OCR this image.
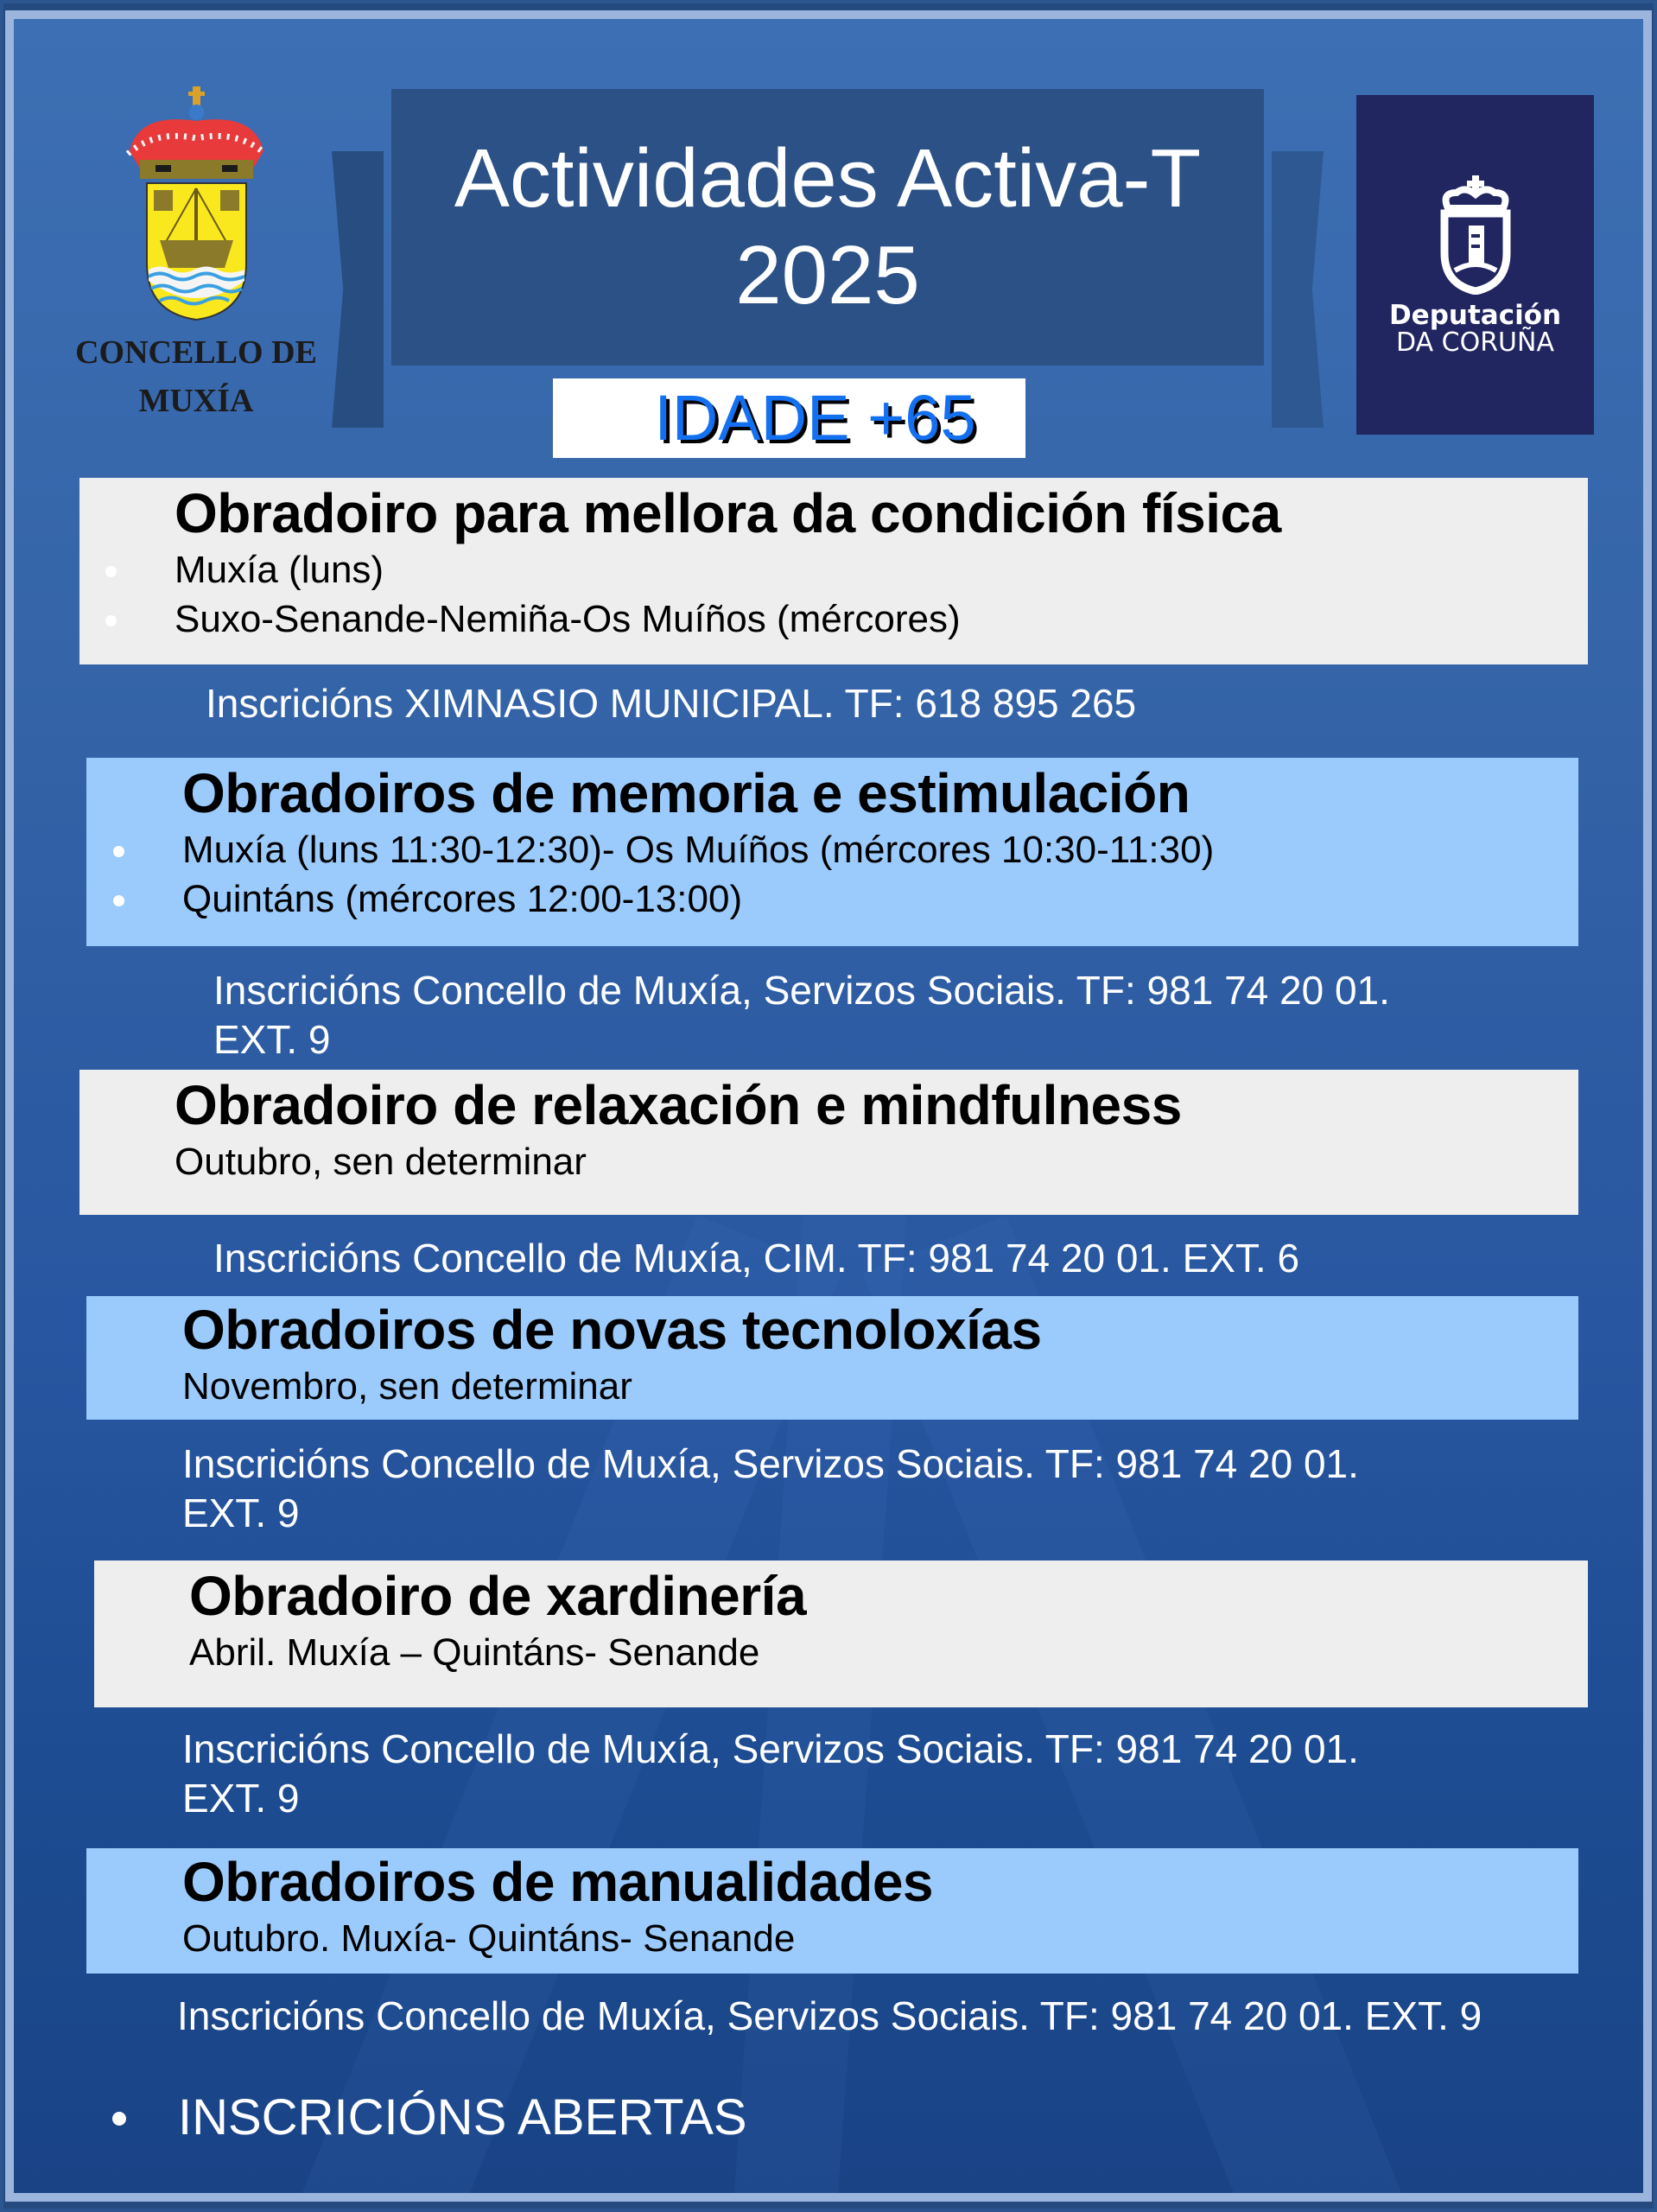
CONCELLO DE
MUXÍA
Actividades Activa-T
2025
IDADE +65
Deputación
DA CORUÑA
Obradoiro para mellora da condición física
Muxía (luns)
Suxo-Senande-Nemiña-Os Muíños (mércores)
Inscricións XIMNASIO MUNICIPAL. TF: 618 895 265
Obradoiros de memoria e estimulación
Muxía (luns 11:30-12:30)- Os Muíños (mércores 10:30-11:30)
Quintáns (mércores 12:00-13:00)
Inscricións Concello de Muxía, Servizos Sociais. TF: 981 74 20 01.
EXT. 9
Obradoiro de relaxación e mindfulness
Outubro, sen determinar
Inscricións Concello de Muxía, CIM. TF: 981 74 20 01. EXT. 6
Obradoiros de novas tecnoloxías
Novembro, sen determinar
Inscricións Concello de Muxía, Servizos Sociais. TF: 981 74 20 01.
EXT. 9
Obradoiro de xardinería
Abril. Muxía – Quintáns- Senande
Inscricións Concello de Muxía, Servizos Sociais. TF: 981 74 20 01.
EXT. 9
Obradoiros de manualidades
Outubro. Muxía- Quintáns- Senande
Inscricións Concello de Muxía, Servizos Sociais. TF: 981 74 20 01. EXT. 9
INSCRICIÓNS ABERTAS
